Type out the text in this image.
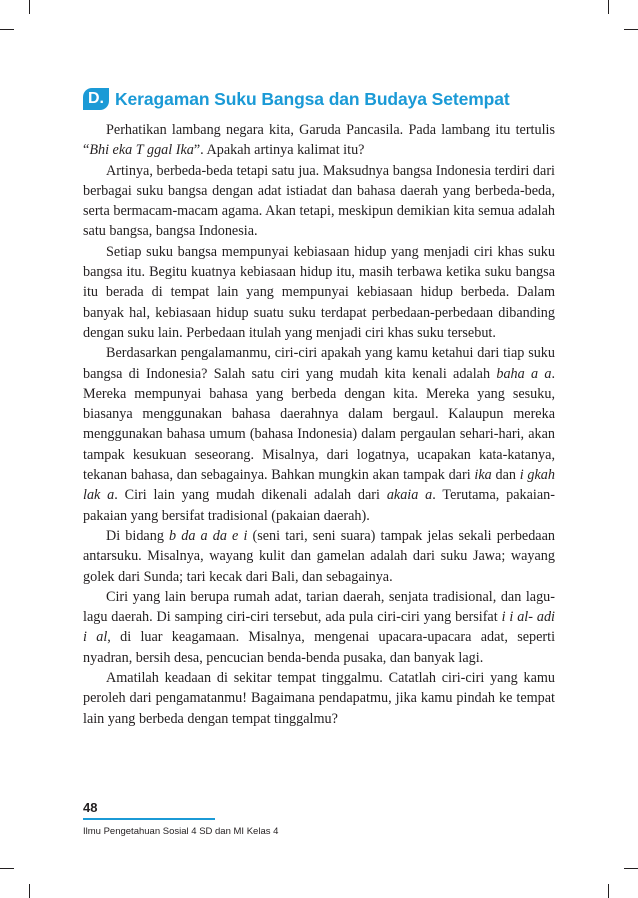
D. Keragaman Suku Bangsa dan Budaya Setempat

Perhatikan lambang negara kita, Garuda Pancasila. Pada lambang itu tertulis “Bhi eka T ggal Ika”. Apakah artinya kalimat itu?

Artinya, berbeda-beda tetapi satu jua. Maksudnya bangsa Indonesia terdiri dari berbagai suku bangsa dengan adat istiadat dan bahasa daerah yang berbeda-beda, serta bermacam-macam agama. Akan tetapi, meskipun demikian kita semua adalah satu bangsa, bangsa Indonesia.

Setiap suku bangsa mempunyai kebiasaan hidup yang menjadi ciri khas suku bangsa itu. Begitu kuatnya kebiasaan hidup itu, masih terbawa ketika suku bangsa itu berada di tempat lain yang mempunyai kebiasaan hidup berbeda. Dalam banyak hal, kebiasaan hidup suatu suku terdapat perbedaan-perbedaan dibanding dengan suku lain. Perbedaan itulah yang menjadi ciri khas suku tersebut.

Berdasarkan pengalamanmu, ciri-ciri apakah yang kamu ketahui dari tiap suku bangsa di Indonesia? Salah satu ciri yang mudah kita kenali adalah baha a a. Mereka mempunyai bahasa yang berbeda dengan kita. Mereka yang sesuku, biasanya menggunakan bahasa daerahnya dalam bergaul. Kalaupun mereka menggunakan bahasa umum (bahasa Indonesia) dalam pergaulan sehari-hari, akan tampak kesukuan seseorang. Misalnya, dari logatnya, ucapakan kata-katanya, tekanan bahasa, dan sebagainya. Bahkan mungkin akan tampak dari ika dan i gkah lak a. Ciri lain yang mudah dikenali adalah dari akaia a. Terutama, pakaian-pakaian yang bersifat tradisional (pakaian daerah).

Di bidang b da a da e i (seni tari, seni suara) tampak jelas sekali perbedaan antarsuku. Misalnya, wayang kulit dan gamelan adalah dari suku Jawa; wayang golek dari Sunda; tari kecak dari Bali, dan sebagainya.

Ciri yang lain berupa rumah adat, tarian daerah, senjata tradisional, dan lagu-lagu daerah. Di samping ciri-ciri tersebut, ada pula ciri-ciri yang bersifat i i al- adi i al, di luar keagamaan. Misalnya, mengenai upacara-upacara adat, seperti nyadran, bersih desa, pencucian benda-benda pusaka, dan banyak lagi.

Amatilah keadaan di sekitar tempat tinggalmu. Catatlah ciri-ciri yang kamu peroleh dari pengamatanmu! Bagaimana pendapatmu, jika kamu pindah ke tempat lain yang berbeda dengan tempat tinggalmu?

48
Ilmu Pengetahuan Sosial 4 SD dan MI Kelas 4
